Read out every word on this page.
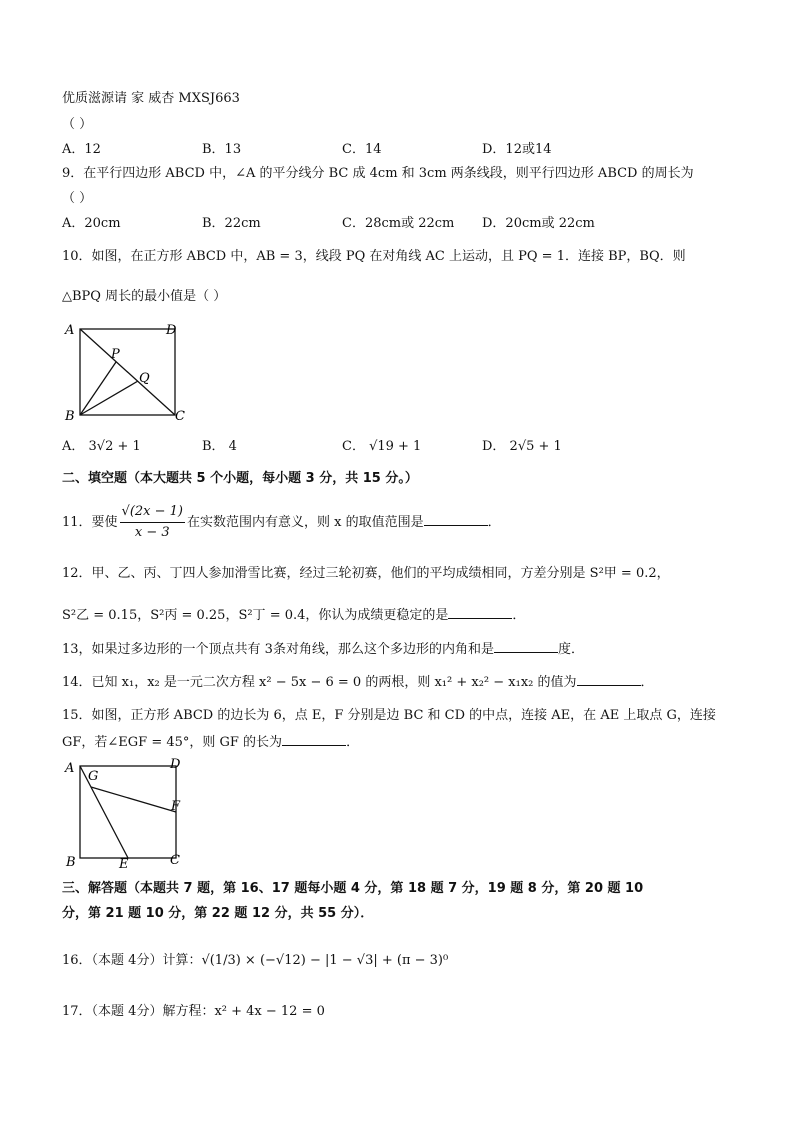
优质滋源请 家 威杏 MXSJ663
（ ）
A．12	B．13	C．14	D．12或14
9．在平行四边形 ABCD 中，∠A 的平分线分 BC 成 4cm 和 3cm 两条线段，则平行四边形 ABCD 的周长为
（ ）
A．20cm	B．22cm	C．28cm或 22cm D．20cm或 22cm
10．如图，在正方形 ABCD 中，AB = 3，线段 PQ 在对角线 AC 上运动，且 PQ = 1．连接 BP，BQ．则
△BPQ 周长的最小值是（ ）
A
B	C
D
P
Q
A． 3√2 + 1	B． 4	C． √19 + 1	D． 2√5 + 1
二、填空题（本大题共 5 个小题，每小题 3 分，共 15 分。）
11．要使 $\frac{√(2x - 1)}{x - 3}$ 在实数范围内有意义，则 x 的取值范围是	．
12．甲、乙、丙、丁四人参加滑雪比赛，经过三轮初赛，他们的平均成绩相同，方差分别是 S²甲 = 0.2，
S²乙 = 0.15，S²丙 = 0.25，S²丁 = 0.4，你认为成绩更稳定的是	．
13，如果过多边形的一个顶点共有 3条对角线，那么这个多边形的内角和是	度．
14．已知 x₁，x₂ 是一元二次方程 x² − 5x − 6 = 0 的两根，则 x₁² + x₂² − x₁x₂ 的值为	．
15．如图，正方形 ABCD 的边长为 6，点 E，F 分别是边 BC 和 CD 的中点，连接 AE，在 AE 上取点 G，连接
GF，若∠EGF = 45°，则 GF 的长为	．
A
G
D
F
B	E	C
三、解答题（本题共 7 题，第 16、17 题每小题 4 分，第 18 题 7 分，19 题 8 分，第 20 题 10
分，第 21 题 10 分，第 22 题 12 分，共 55 分）．
16．（本题 4分）计算：√(1/3) × (−√12) − |1 − √3| + (π − 3)⁰
17．（本题 4分）解方程：x² + 4x − 12 = 0
